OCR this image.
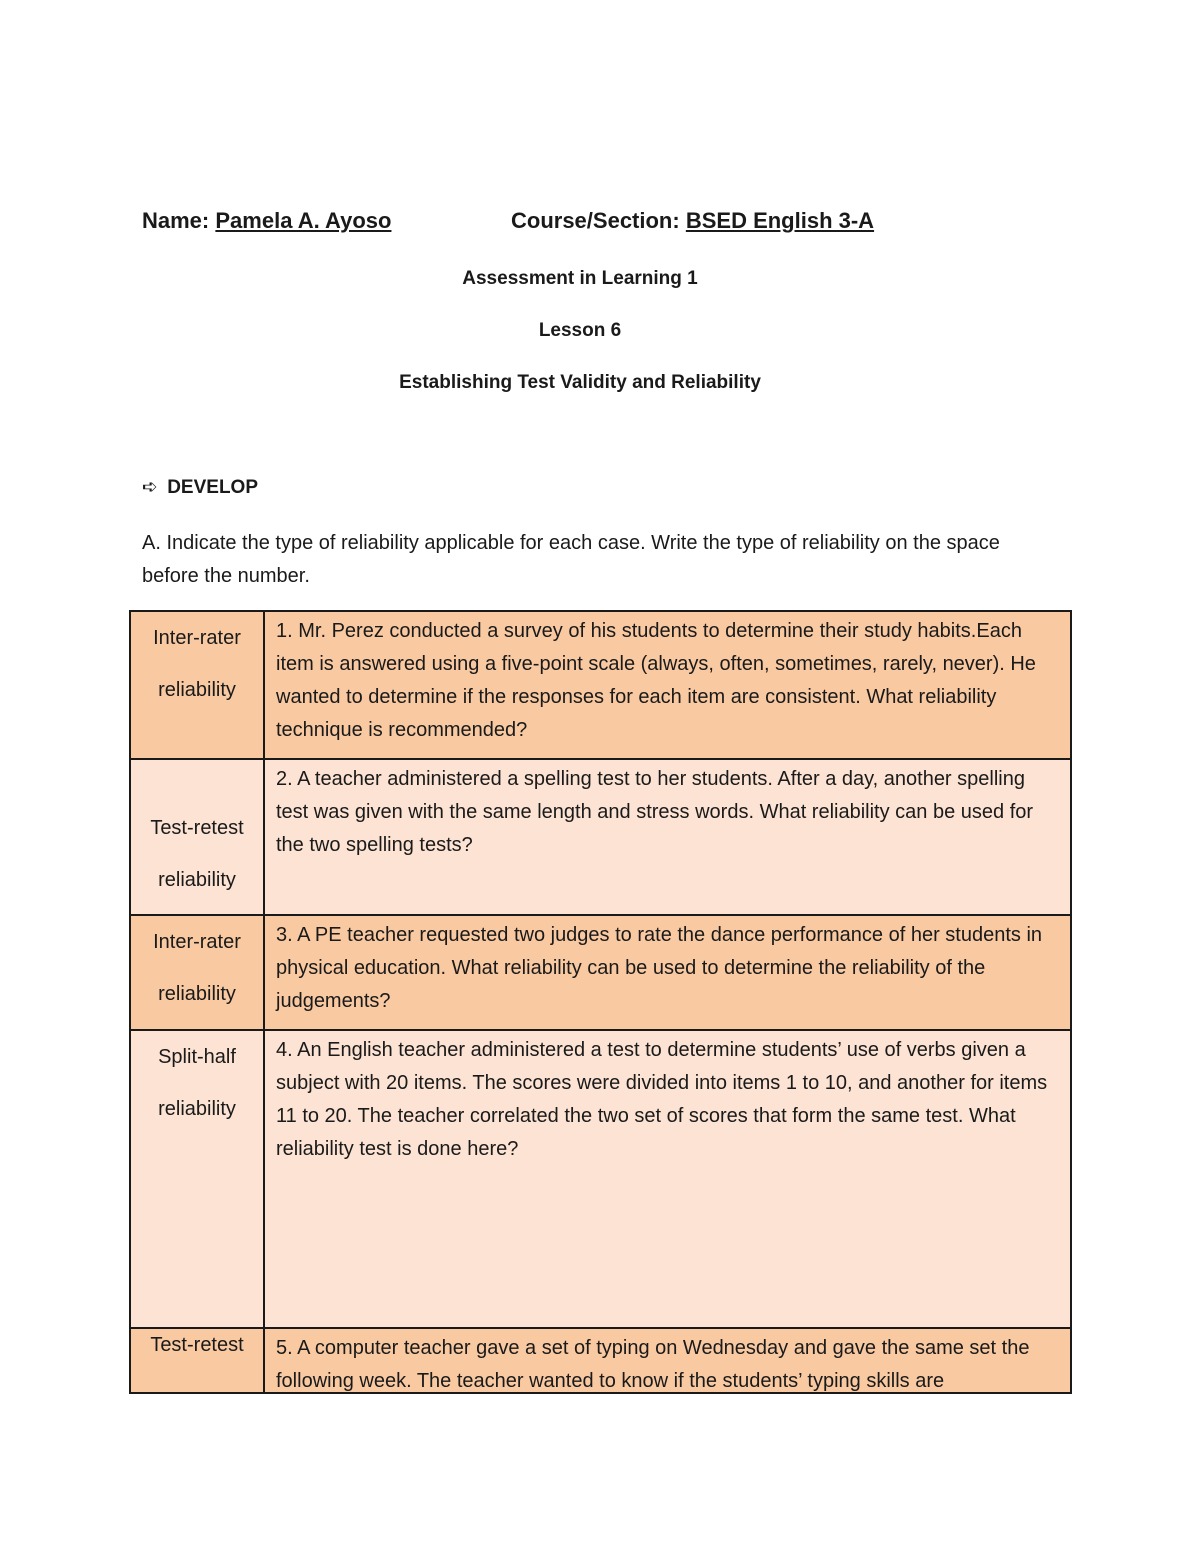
Name: Pamela A. Ayoso	Course/Section: BSED English 3-A
Assessment in Learning 1
Lesson 6
Establishing Test Validity and Reliability
➪ DEVELOP
A. Indicate the type of reliability applicable for each case. Write the type of reliability on the space before the number.
Inter-rater
reliability	1. Mr. Perez conducted a survey of his students to determine their study habits.Each item is answered using a five-point scale (always, often, sometimes, rarely, never). He wanted to determine if the responses for each item are consistent. What reliability technique is recommended?

Test-retest
reliability	2. A teacher administered a spelling test to her students. After a day, another spelling test was given with the same length and stress words. What reliability can be used for the two spelling tests?

Inter-rater
reliability	3. A PE teacher requested two judges to rate the dance performance of her students in physical education. What reliability can be used to determine the reliability of the judgements?

Split-half
reliability	4. An English teacher administered a test to determine students’ use of verbs given a subject with 20 items. The scores were divided into items 1 to 10, and another for items 11 to 20. The teacher correlated the two set of scores that form the same test. What reliability test is done here?

Test-retest	5. A computer teacher gave a set of typing on Wednesday and gave the same set the following week. The teacher wanted to know if the students’ typing skills are
